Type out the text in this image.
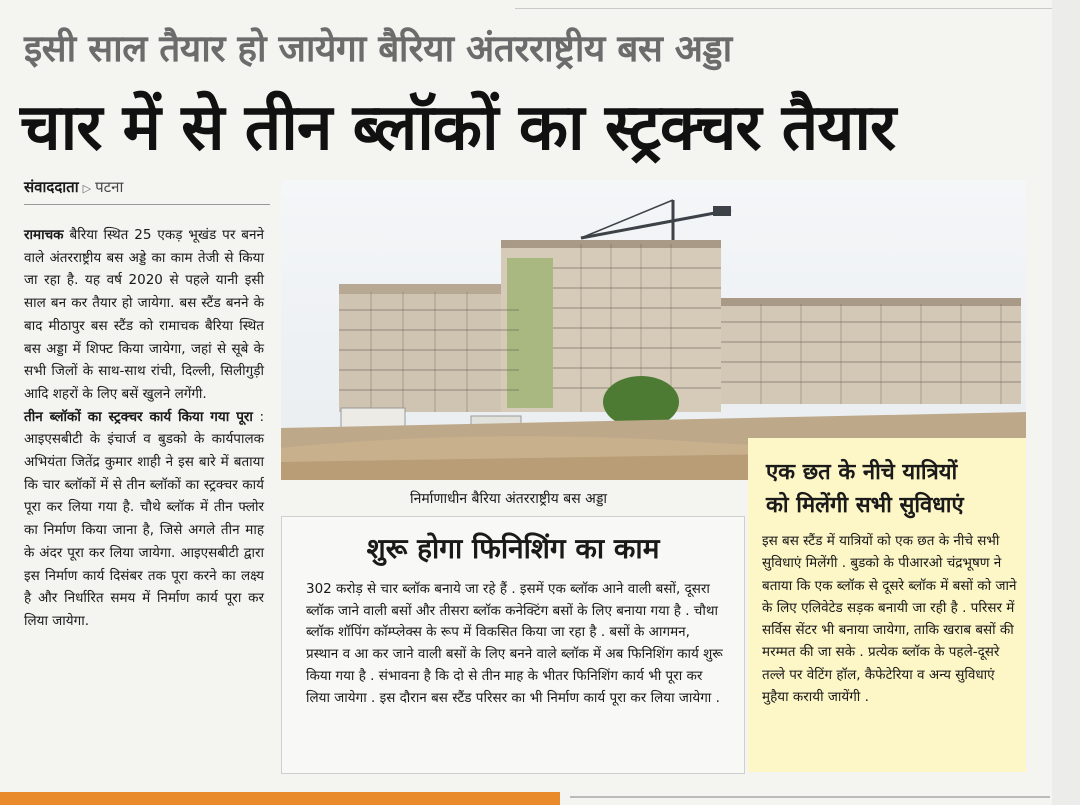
इसी साल तैयार हो जायेगा बैरिया अंतरराष्ट्रीय बस अड्डा
चार में से तीन ब्लॉकों का स्ट्रक्चर तैयार
संवाददाता ▷ पटना

रामाचक बैरिया स्थित 25 एकड़ भूखंड पर बनने वाले अंतरराष्ट्रीय बस अड्डे का काम तेजी से किया जा रहा है. यह वर्ष 2020 से पहले यानी इसी साल बन कर तैयार हो जायेगा. बस स्टैंड बनने के बाद मीठापुर बस स्टैंड को रामाचक बैरिया स्थित बस अड्डा में शिफ्ट किया जायेगा, जहां से सूबे के सभी जिलों के साथ-साथ रांची, दिल्ली, सिलीगुड़ी आदि शहरों के लिए बसें खुलने लगेंगी.

तीन ब्लॉकों का स्ट्रक्चर कार्य किया गया पूरा : आइएसबीटी के इंचार्ज व बुडको के कार्यपालक अभियंता जितेंद्र कुमार शाही ने इस बारे में बताया कि चार ब्लॉकों में से तीन ब्लॉकों का स्ट्रक्चर कार्य पूरा कर लिया गया है. चौथे ब्लॉक में तीन फ्लोर का निर्माण किया जाना है, जिसे अगले तीन माह के अंदर पूरा कर लिया जायेगा. आइएसबीटी द्वारा इस निर्माण कार्य दिसंबर तक पूरा करने का लक्ष्य है और निर्धारित समय में निर्माण कार्य पूरा कर लिया जायेगा.

निर्माणाधीन बैरिया अंतरराष्ट्रीय बस अड्डा
शुरू होगा फिनिशिंग का काम
302 करोड़ से चार ब्लॉक बनाये जा रहे हैं . इसमें एक ब्लॉक आने वाली बसों, दूसरा ब्लॉक जाने वाली बसों और तीसरा ब्लॉक कनेक्टिंग बसों के लिए बनाया गया है . चौथा ब्लॉक शॉपिंग कॉम्प्लेक्स के रूप में विकसित किया जा रहा है . बसों के आगमन, प्रस्थान व आ कर जाने वाली बसों के लिए बनने वाले ब्लॉक में अब फिनिशिंग कार्य शुरू किया गया है . संभावना है कि दो से तीन माह के भीतर फिनिशिंग कार्य भी पूरा कर लिया जायेगा . इस दौरान बस स्टैंड परिसर का भी निर्माण कार्य पूरा कर लिया जायेगा .
एक छत के नीचे यात्रियों
को मिलेंगी सभी सुविधाएं
इस बस स्टैंड में यात्रियों को एक छत के नीचे सभी सुविधाएं मिलेंगी . बुडको के पीआरओ चंद्रभूषण ने बताया कि एक ब्लॉक से दूसरे ब्लॉक में बसों को जाने के लिए एलिवेटेड सड़क बनायी जा रही है . परिसर में सर्विस सेंटर भी बनाया जायेगा, ताकि खराब बसों की मरम्मत की जा सके . प्रत्येक ब्लॉक के पहले-दूसरे तल्ले पर वेटिंग हॉल, कैफेटेरिया व अन्य सुविधाएं मुहैया करायी जायेंगी .
